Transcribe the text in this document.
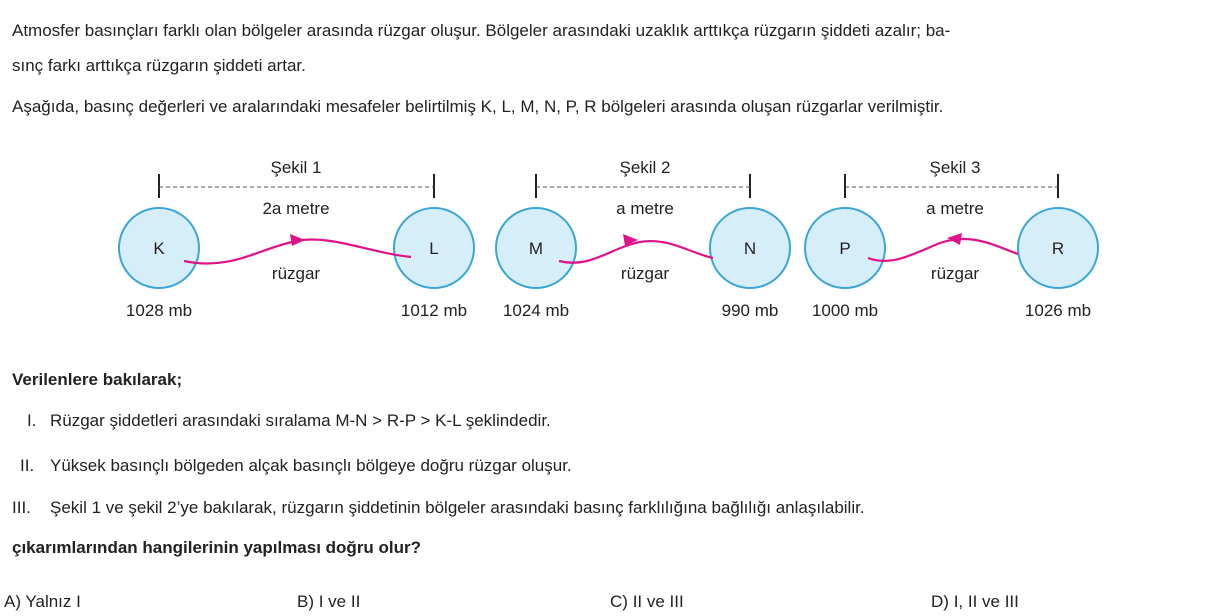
Atmosfer basınçları farklı olan bölgeler arasında rüzgar oluşur. Bölgeler arasındaki uzaklık arttıkça rüzgarın şiddeti azalır; ba-
sınç farkı arttıkça rüzgarın şiddeti artar.
Aşağıda, basınç değerleri ve aralarındaki mesafeler belirtilmiş K, L, M, N, P, R bölgeleri arasında oluşan rüzgarlar verilmiştir.
Şekil 1
2a metre
K	L
rüzgar
1028 mb	1012 mb
Şekil 2
a metre
M	N
rüzgar
1024 mb	990 mb
Şekil 3
a metre
P	R
rüzgar
1000 mb	1026 mb
Verilenlere bakılarak;
I. Rüzgar şiddetleri arasındaki sıralama M-N > R-P > K-L şeklindedir.
II. Yüksek basınçlı bölgeden alçak basınçlı bölgeye doğru rüzgar oluşur.
III. Şekil 1 ve şekil 2’ye bakılarak, rüzgarın şiddetinin bölgeler arasındaki basınç farklılığına bağlılığı anlaşılabilir.
çıkarımlarından hangilerinin yapılması doğru olur?
A) Yalnız I	B) I ve II	C) II ve III	D) I, II ve III
